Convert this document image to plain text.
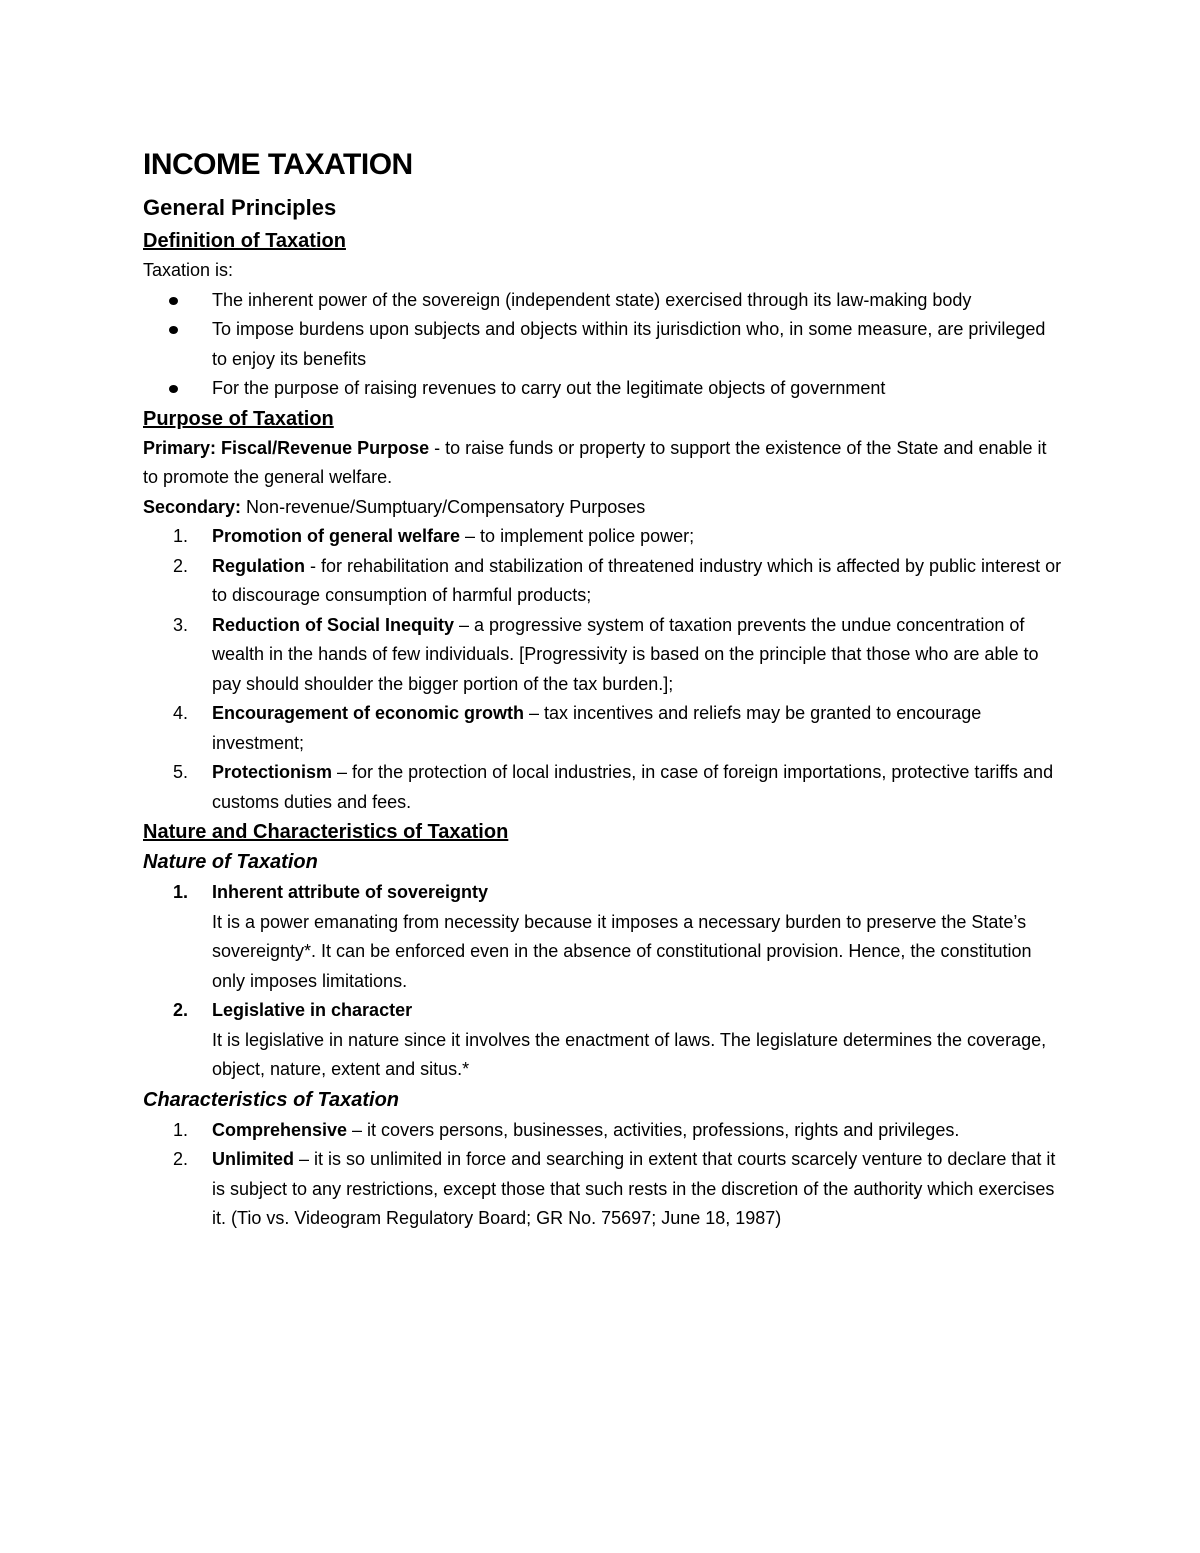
INCOME TAXATION
General Principles
Definition of Taxation

Taxation is:

The inherent power of the sovereign (independent state) exercised through its law-making body
To impose burdens upon subjects and objects within its jurisdiction who, in some measure, are privileged to enjoy its benefits
For the purpose of raising revenues to carry out the legitimate objects of government
Purpose of Taxation

Primary: Fiscal/Revenue Purpose - to raise funds or property to support the existence of the State and enable it to promote the general welfare.

Secondary: Non-revenue/Sumptuary/Compensatory Purposes

1.	Promotion of general welfare – to implement police power;
2.	Regulation - for rehabilitation and stabilization of threatened industry which is affected by public interest or to discourage consumption of harmful products;
3.	Reduction of Social Inequity – a progressive system of taxation prevents the undue concentration of wealth in the hands of few individuals. [Progressivity is based on the principle that those who are able to pay should shoulder the bigger portion of the tax burden.];
4.	Encouragement of economic growth – tax incentives and reliefs may be granted to encourage investment;
5.	Protectionism – for the protection of local industries, in case of foreign importations, protective tariffs and customs duties and fees.
Nature and Characteristics of Taxation
Nature of Taxation
1.	Inherent attribute of sovereignty
It is a power emanating from necessity because it imposes a necessary burden to preserve the State’s sovereignty*. It can be enforced even in the absence of constitutional provision. Hence, the constitution only imposes limitations.
2.	Legislative in character
It is legislative in nature since it involves the enactment of laws. The legislature determines the coverage, object, nature, extent and situs.*
Characteristics of Taxation
1.	Comprehensive – it covers persons, businesses, activities, professions, rights and privileges.
2.	Unlimited – it is so unlimited in force and searching in extent that courts scarcely venture to declare that it is subject to any restrictions, except those that such rests in the discretion of the authority which exercises it. (Tio vs. Videogram Regulatory Board; GR No. 75697; June 18, 1987)
